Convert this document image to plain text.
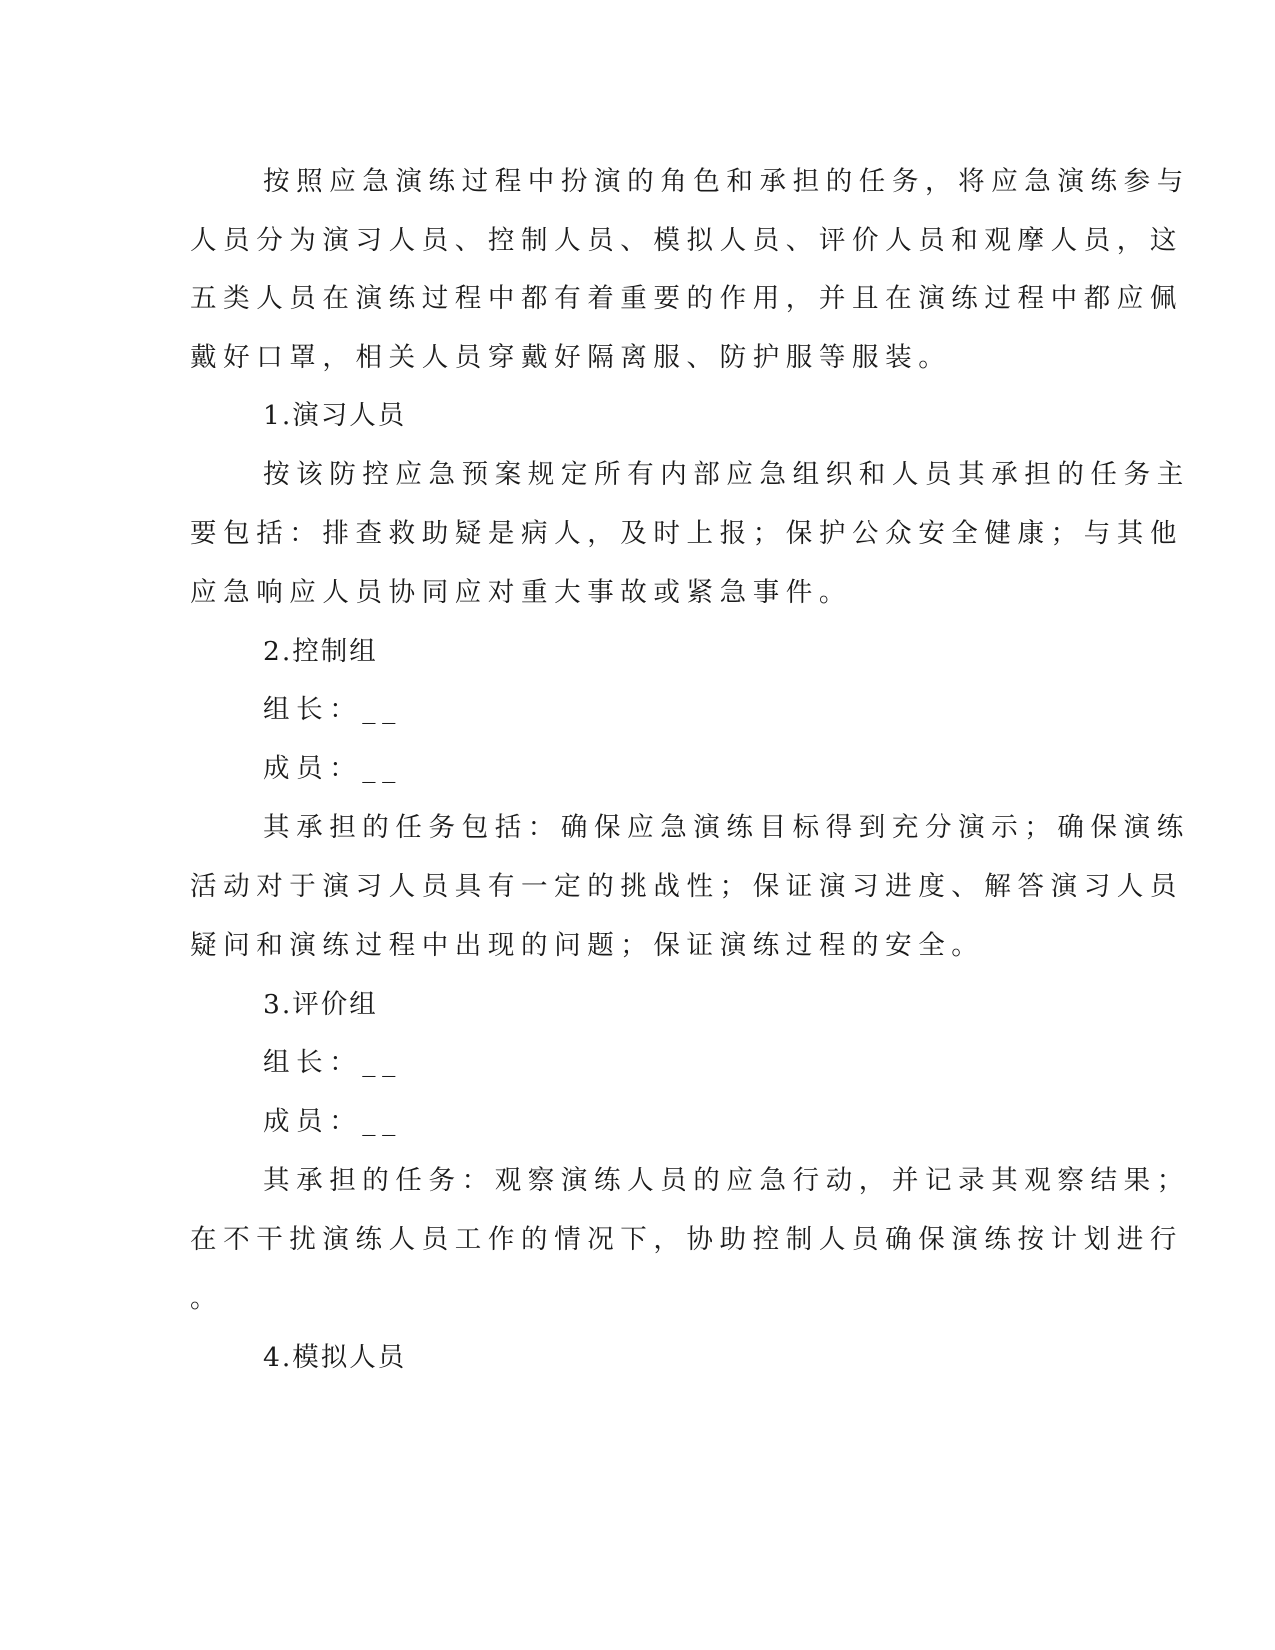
按照应急演练过程中扮演的角色和承担的任务，将应急演练参与
人员分为演习人员、控制人员、模拟人员、评价人员和观摩人员，这
五类人员在演练过程中都有着重要的作用，并且在演练过程中都应佩
戴好口罩，相关人员穿戴好隔离服、防护服等服装。
1.演习人员
按该防控应急预案规定所有内部应急组织和人员其承担的任务主
要包括：排查救助疑是病人，及时上报；保护公众安全健康；与其他
应急响应人员协同应对重大事故或紧急事件。
2.控制组
组长：__
成员：__
其承担的任务包括：确保应急演练目标得到充分演示；确保演练
活动对于演习人员具有一定的挑战性；保证演习进度、解答演习人员
疑问和演练过程中出现的问题；保证演练过程的安全。
3.评价组
组长：__
成员：__
其承担的任务：观察演练人员的应急行动，并记录其观察结果；
在不干扰演练人员工作的情况下，协助控制人员确保演练按计划进行
。
4.模拟人员
